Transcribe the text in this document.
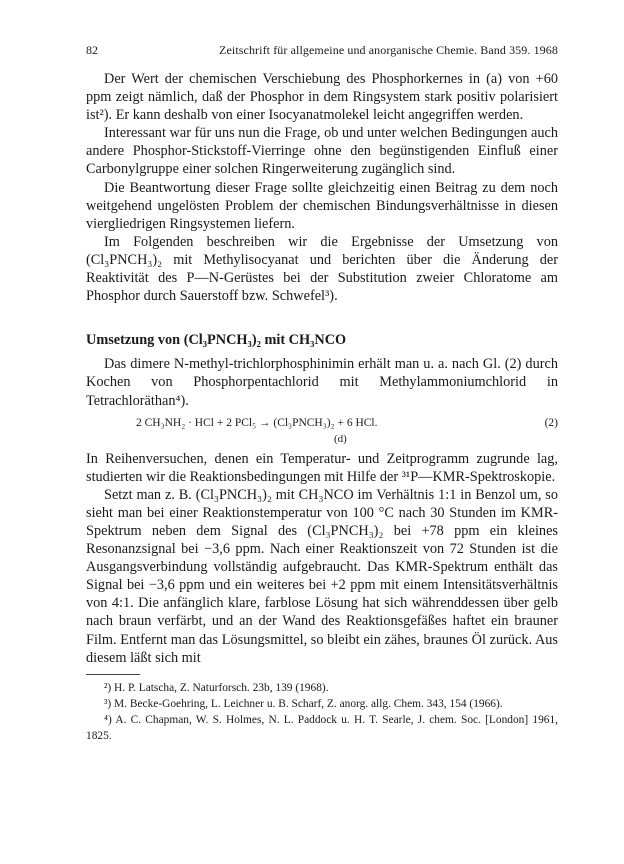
82	Zeitschrift für allgemeine und anorganische Chemie. Band 359. 1968

Der Wert der chemischen Verschiebung des Phosphorkernes in (a) von +60 ppm zeigt nämlich, daß der Phosphor in dem Ringsystem stark positiv polarisiert ist²). Er kann deshalb von einer Isocyanatmolekel leicht angegriffen werden.

Interessant war für uns nun die Frage, ob und unter welchen Bedingungen auch andere Phosphor-Stickstoff-Vierringe ohne den begünstigenden Einfluß einer Carbonylgruppe einer solchen Ringerweiterung zugänglich sind.

Die Beantwortung dieser Frage sollte gleichzeitig einen Beitrag zu dem noch weitgehend ungelösten Problem der chemischen Bindungsverhältnisse in diesen viergliedrigen Ringsystemen liefern.

Im Folgenden beschreiben wir die Ergebnisse der Umsetzung von (Cl₃PNCH₃)₂ mit Methylisocyanat und berichten über die Änderung der Reaktivität des P—N-Gerüstes bei der Substitution zweier Chloratome am Phosphor durch Sauerstoff bzw. Schwefel³).

Umsetzung von (Cl₃PNCH₃)₂ mit CH₃NCO

Das dimere N-methyl-trichlorphosphinimin erhält man u. a. nach Gl. (2) durch Kochen von Phosphorpentachlorid mit Methylammoniumchlorid in Tetrachloräthan⁴).

2 CH₃NH₂ · HCl + 2 PCl₅ → (Cl₃PNCH₃)₂ + 6 HCl.	(2)
(d)

In Reihenversuchen, denen ein Temperatur- und Zeitprogramm zugrunde lag, studierten wir die Reaktionsbedingungen mit Hilfe der ³¹P—KMR-Spektroskopie.

Setzt man z. B. (Cl₃PNCH₃)₂ mit CH₃NCO im Verhältnis 1:1 in Benzol um, so sieht man bei einer Reaktionstemperatur von 100 °C nach 30 Stunden im KMR-Spektrum neben dem Signal des (Cl₃PNCH₃)₂ bei +78 ppm ein kleines Resonanzsignal bei −3,6 ppm. Nach einer Reaktionszeit von 72 Stunden ist die Ausgangsverbindung vollständig aufgebraucht. Das KMR-Spektrum enthält das Signal bei −3,6 ppm und ein weiteres bei +2 ppm mit einem Intensitätsverhältnis von 4:1. Die anfänglich klare, farblose Lösung hat sich währenddessen über gelb nach braun verfärbt, und an der Wand des Reaktionsgefäßes haftet ein brauner Film. Entfernt man das Lösungsmittel, so bleibt ein zähes, braunes Öl zurück. Aus diesem läßt sich mit

²) H. P. Latscha, Z. Naturforsch. 23b, 139 (1968).

³) M. Becke-Goehring, L. Leichner u. B. Scharf, Z. anorg. allg. Chem. 343, 154 (1966).

⁴) A. C. Chapman, W. S. Holmes, N. L. Paddock u. H. T. Searle, J. chem. Soc. [London] 1961, 1825.
